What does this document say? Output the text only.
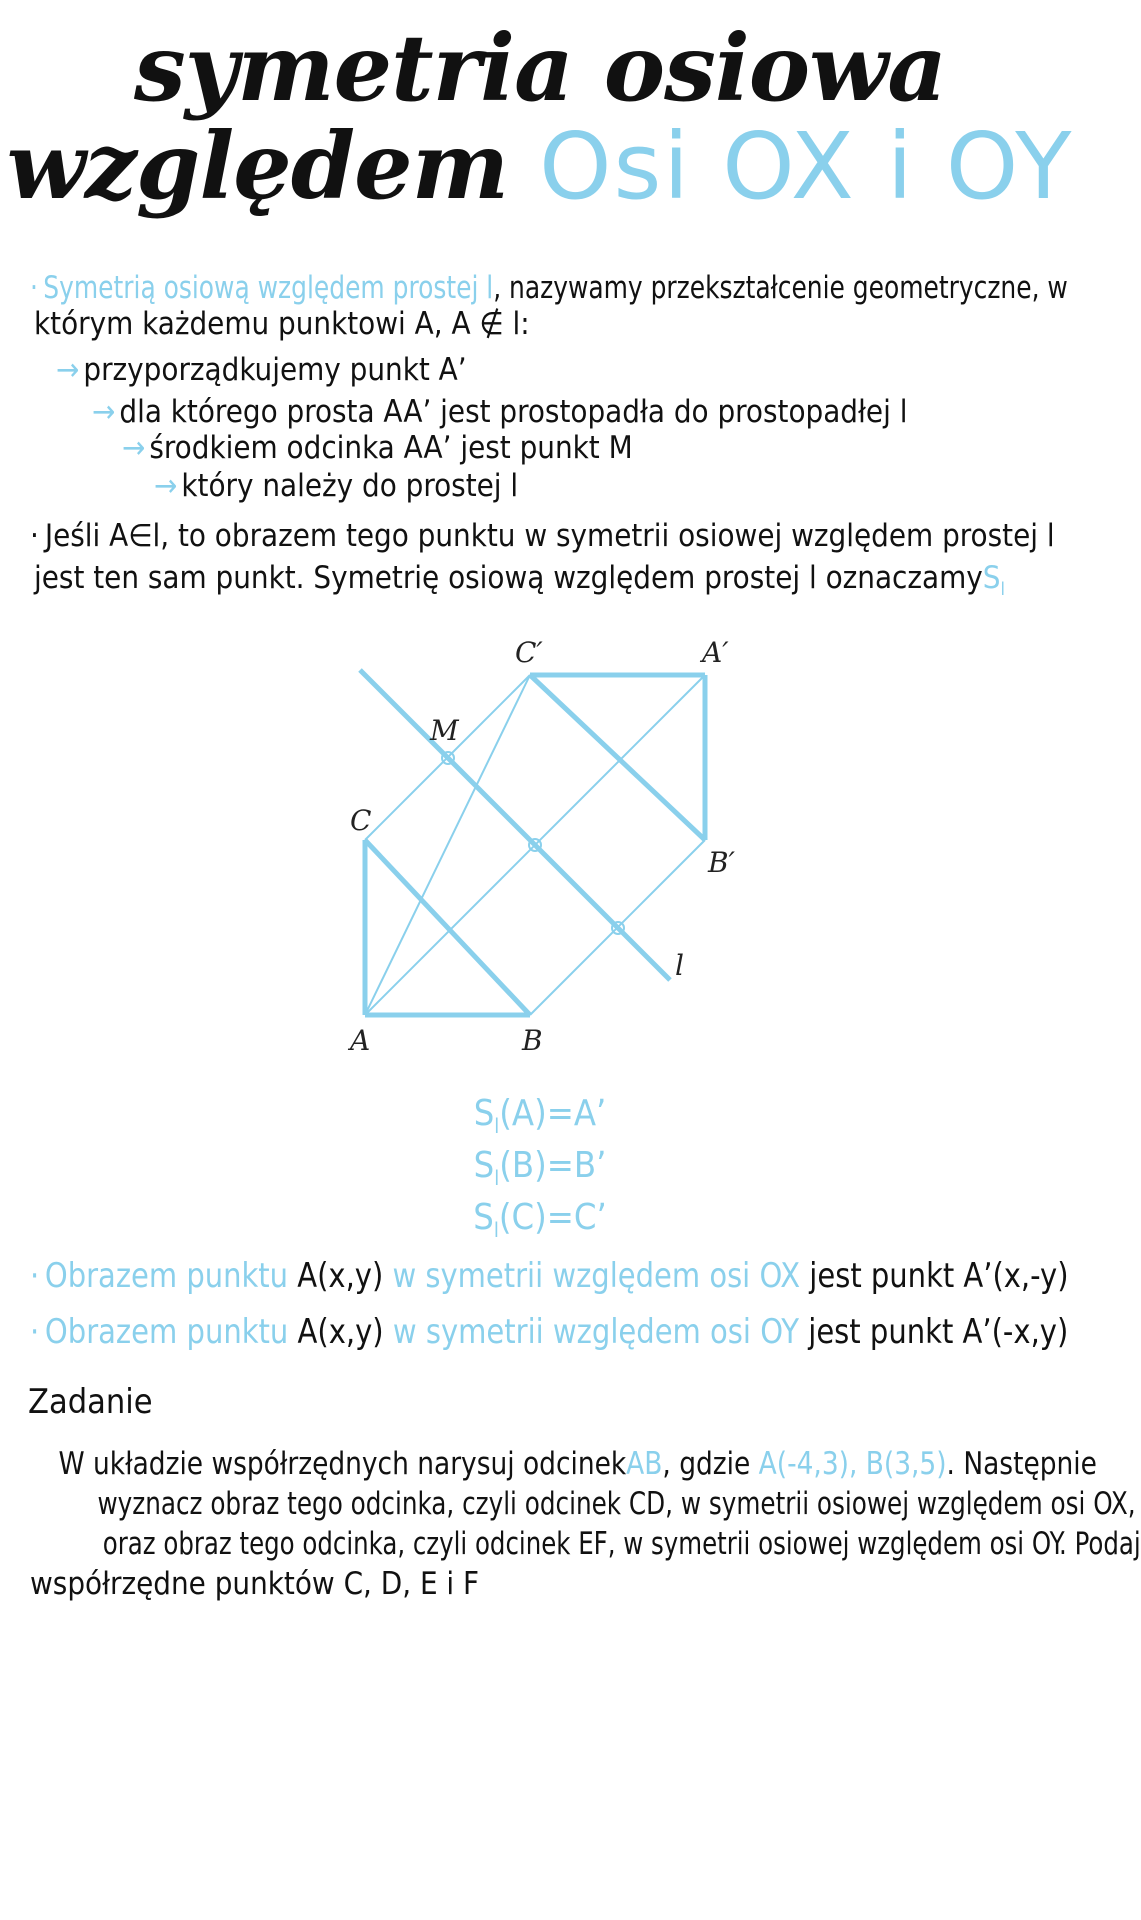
symetria osiowa
względem Osi OX i OY
· Symetrią osiową względem prostej l, nazywamy przekształcenie geometryczne, w
którym każdemu punktowi A, A ∉ l:
→ przyporządkujemy punkt A’
→ dla którego prosta AA’ jest prostopadła do prostopadłej l
→ środkiem odcinka AA’ jest punkt M
→ który należy do prostej l
· Jeśli A∈l, to obrazem tego punktu w symetrii osiowej względem prostej l
jest ten sam punkt. Symetrię osiową względem prostej l oznaczamyS$_l$
C′	A′
M
C
B′
l
A	B
$S_l(A)=A$’
$S_l(B)=B$’
$S_l(C)=C$’
· Obrazem punktu A(x,y) w symetrii względem osi OX jest punkt A’(x,-y)
· Obrazem punktu A(x,y) w symetrii względem osi OY jest punkt A’(-x,y)
Zadanie
W układzie współrzędnych narysuj odcinekAB, gdzie A(-4,3), B(3,5). Następnie
wyznacz obraz tego odcinka, czyli odcinek CD, w symetrii osiowej względem osi OX,
oraz obraz tego odcinka, czyli odcinek EF, w symetrii osiowej względem osi OY. Podaj
współrzędne punktów C, D, E i F
